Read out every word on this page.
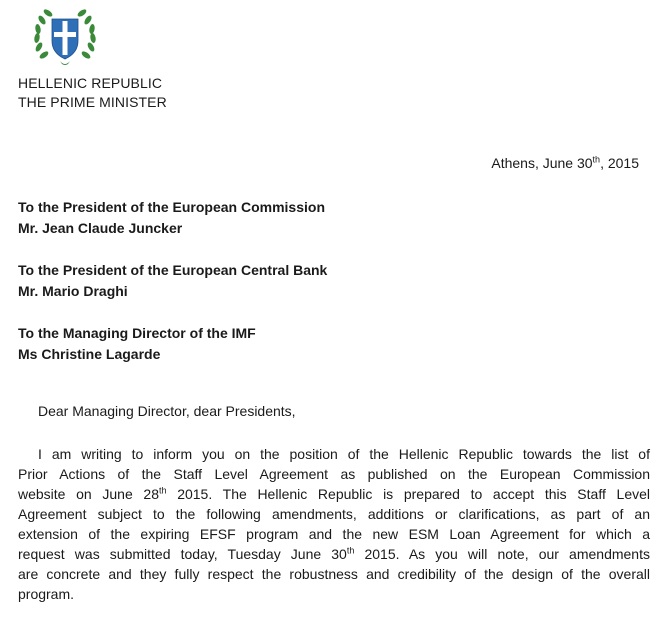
HELLENIC REPUBLIC
THE PRIME MINISTER
Athens, June 30th, 2015
To the President of the European Commission
Mr. Jean Claude Juncker
To the President of the European Central Bank
Mr. Mario Draghi
To the Managing Director of the IMF
Ms Christine Lagarde
Dear Managing Director, dear Presidents,
I am writing to inform you on the position of the Hellenic Republic towards the list of
Prior Actions of the Staff Level Agreement as published on the European Commission
website on June 28th 2015. The Hellenic Republic is prepared to accept this Staff Level
Agreement subject to the following amendments, additions or clarifications, as part of an
extension of the expiring EFSF program and the new ESM Loan Agreement for which a
request was submitted today, Tuesday June 30th 2015. As you will note, our amendments
are concrete and they fully respect the robustness and credibility of the design of the overall
program.
